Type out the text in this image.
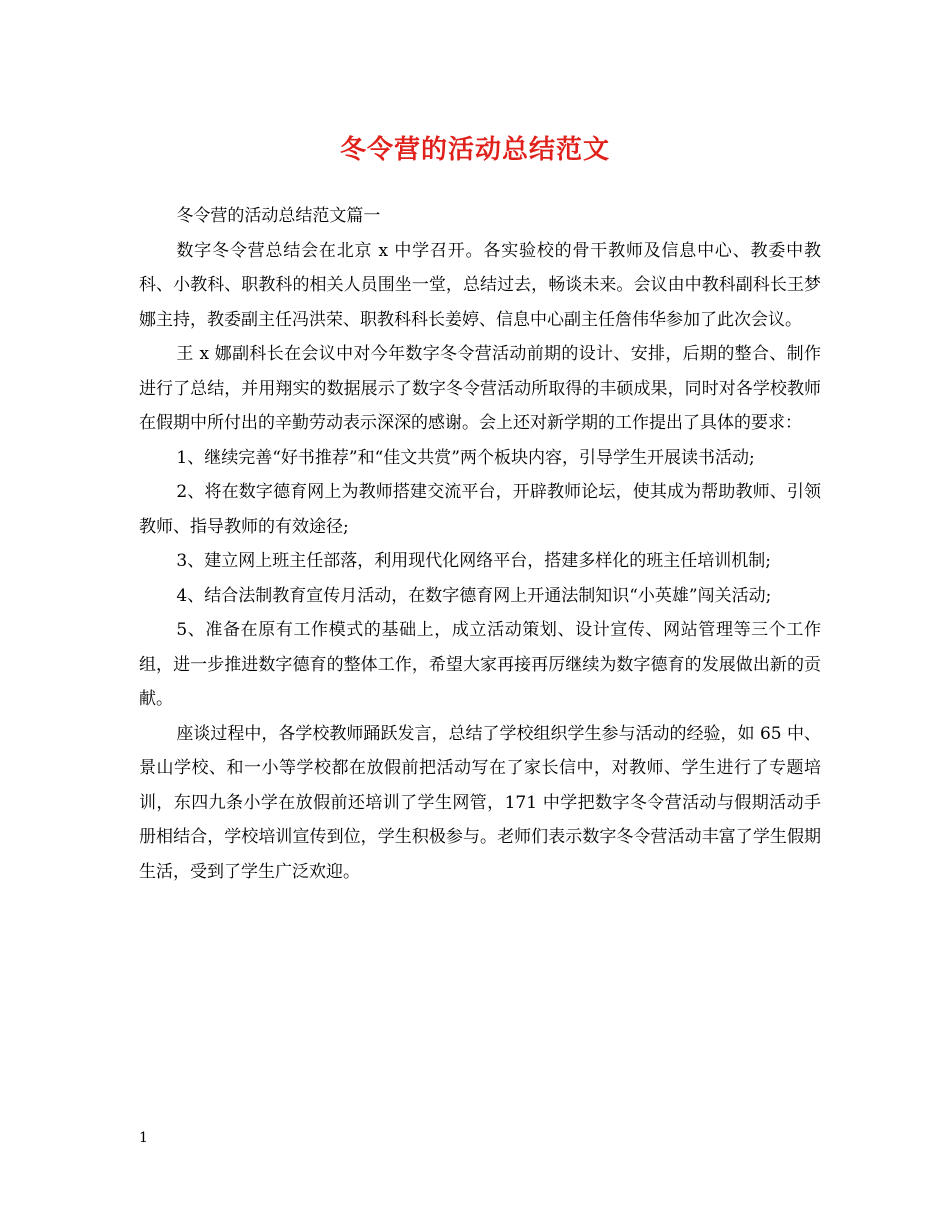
冬令营的活动总结范文

冬令营的活动总结范文篇一

数字冬令营总结会在北京 x 中学召开。各实验校的骨干教师及信息中心、教委中教科、小教科、职教科的相关人员围坐一堂，总结过去，畅谈未来。会议由中教科副科长王梦娜主持，教委副主任冯洪荣、职教科科长姜婷、信息中心副主任詹伟华参加了此次会议。

王 x 娜副科长在会议中对今年数字冬令营活动前期的设计、安排，后期的整合、制作进行了总结，并用翔实的数据展示了数字冬令营活动所取得的丰硕成果，同时对各学校教师在假期中所付出的辛勤劳动表示深深的感谢。会上还对新学期的工作提出了具体的要求：

1、继续完善“好书推荐”和“佳文共赏”两个板块内容，引导学生开展读书活动;

2、将在数字德育网上为教师搭建交流平台，开辟教师论坛，使其成为帮助教师、引领教师、指导教师的有效途径;

3、建立网上班主任部落，利用现代化网络平台，搭建多样化的班主任培训机制;

4、结合法制教育宣传月活动，在数字德育网上开通法制知识“小英雄”闯关活动;

5、准备在原有工作模式的基础上，成立活动策划、设计宣传、网站管理等三个工作组，进一步推进数字德育的整体工作，希望大家再接再厉继续为数字德育的发展做出新的贡献。

座谈过程中，各学校教师踊跃发言，总结了学校组织学生参与活动的经验，如 65 中、景山学校、和一小等学校都在放假前把活动写在了家长信中，对教师、学生进行了专题培训，东四九条小学在放假前还培训了学生网管，171 中学把数字冬令营活动与假期活动手册相结合，学校培训宣传到位，学生积极参与。老师们表示数字冬令营活动丰富了学生假期生活，受到了学生广泛欢迎。

1
